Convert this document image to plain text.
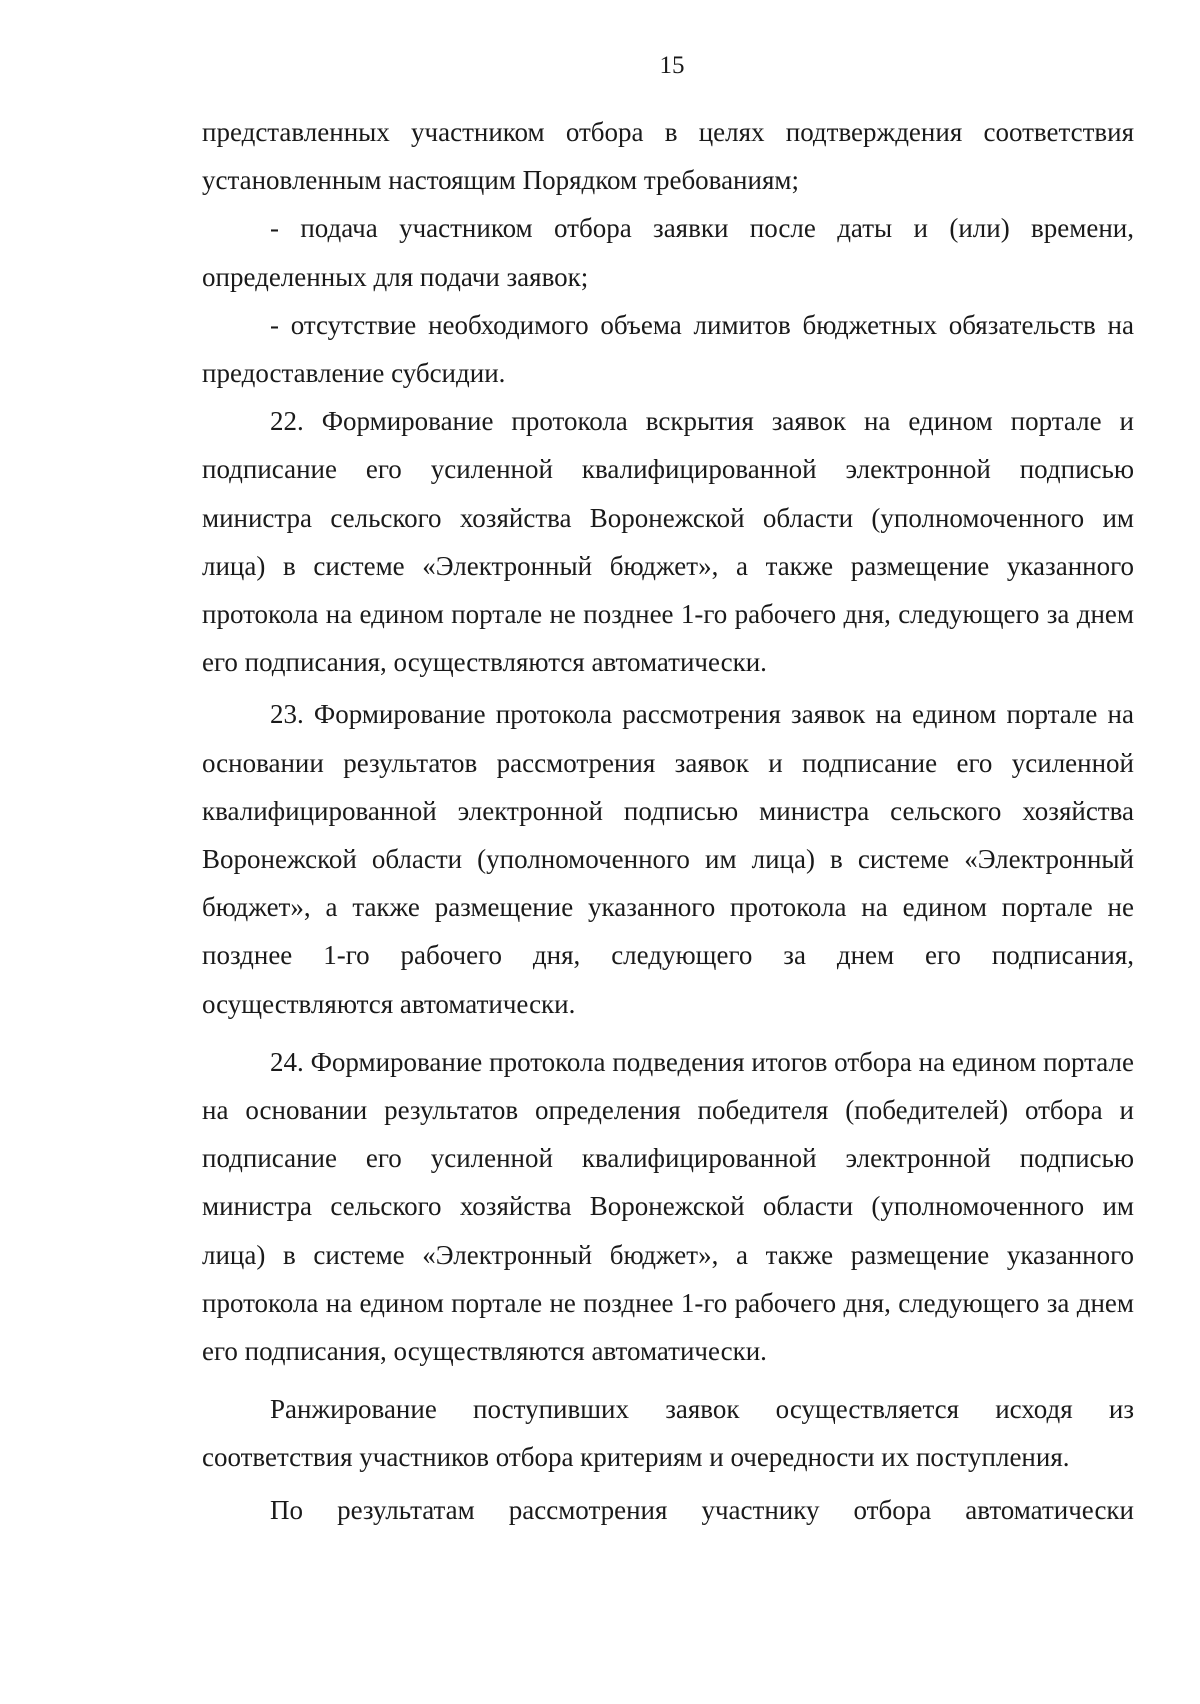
15

представленных участником отбора в целях подтверждения соответствия установленным настоящим Порядком требованиям;

- подача участником отбора заявки после даты и (или) времени, определенных для подачи заявок;

- отсутствие необходимого объема лимитов бюджетных обязательств на предоставление субсидии.

22. Формирование протокола вскрытия заявок на едином портале и подписание его усиленной квалифицированной электронной подписью министра сельского хозяйства Воронежской области (уполномоченного им лица) в системе «Электронный бюджет», а также размещение указанного протокола на едином портале не позднее 1-го рабочего дня, следующего за днем его подписания, осуществляются автоматически.

23. Формирование протокола рассмотрения заявок на едином портале на основании результатов рассмотрения заявок и подписание его усиленной квалифицированной электронной подписью министра сельского хозяйства Воронежской области (уполномоченного им лица) в системе «Электронный бюджет», а также размещение указанного протокола на едином портале не позднее 1-го рабочего дня, следующего за днем его подписания, осуществляются автоматически.

24. Формирование протокола подведения итогов отбора на едином портале на основании результатов определения победителя (победителей) отбора и подписание его усиленной квалифицированной электронной подписью министра сельского хозяйства Воронежской области (уполномоченного им лица) в системе «Электронный бюджет», а также размещение указанного протокола на едином портале не позднее 1-го рабочего дня, следующего за днем его подписания, осуществляются автоматически.

Ранжирование поступивших заявок осуществляется исходя из соответствия участников отбора критериям и очередности их поступления.

По результатам рассмотрения участнику отбора автоматически
